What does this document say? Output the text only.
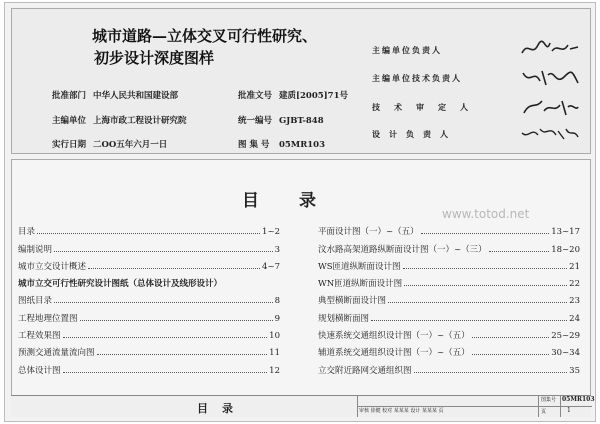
城市道路—立体交叉可行性研究、
初步设计深度图样
批准部门 中华人民共和国建设部	批准文号 建质[2005]71号
主编单位 上海市政工程设计研究院	统一编号 GJBT-848
实行日期 二OO五年六月一日	图 集 号 05MR103
主编单位负责人
主编单位技术负责人
技术审定人
设计负责人
目录
www.totod.net
目录	1~2
编制说明	3
城市立交设计概述	4~7
城市立交可行性研究设计图纸（总体设计及线形设计）
图纸目录	8
工程地理位置图	9
工程效果图	10
预测交通流量流向图	11
总体设计图	12
平面设计图（一）~（五）	13~17
汶水路高架道路纵断面设计图（一）~（三）	18~20
WS匝道纵断面设计图	21
WN匝道纵断面设计图	22
典型横断面设计图	23
规划横断面图	24
快速系统交通组织设计图（一）~（五）	25~29
辅道系统交通组织设计图（一）~（五）	30~34
立交附近路网交通组织图	35
目录	审核 徐健 校对 某某某 设计 某某某 页
图集号 05MR103
页	1
